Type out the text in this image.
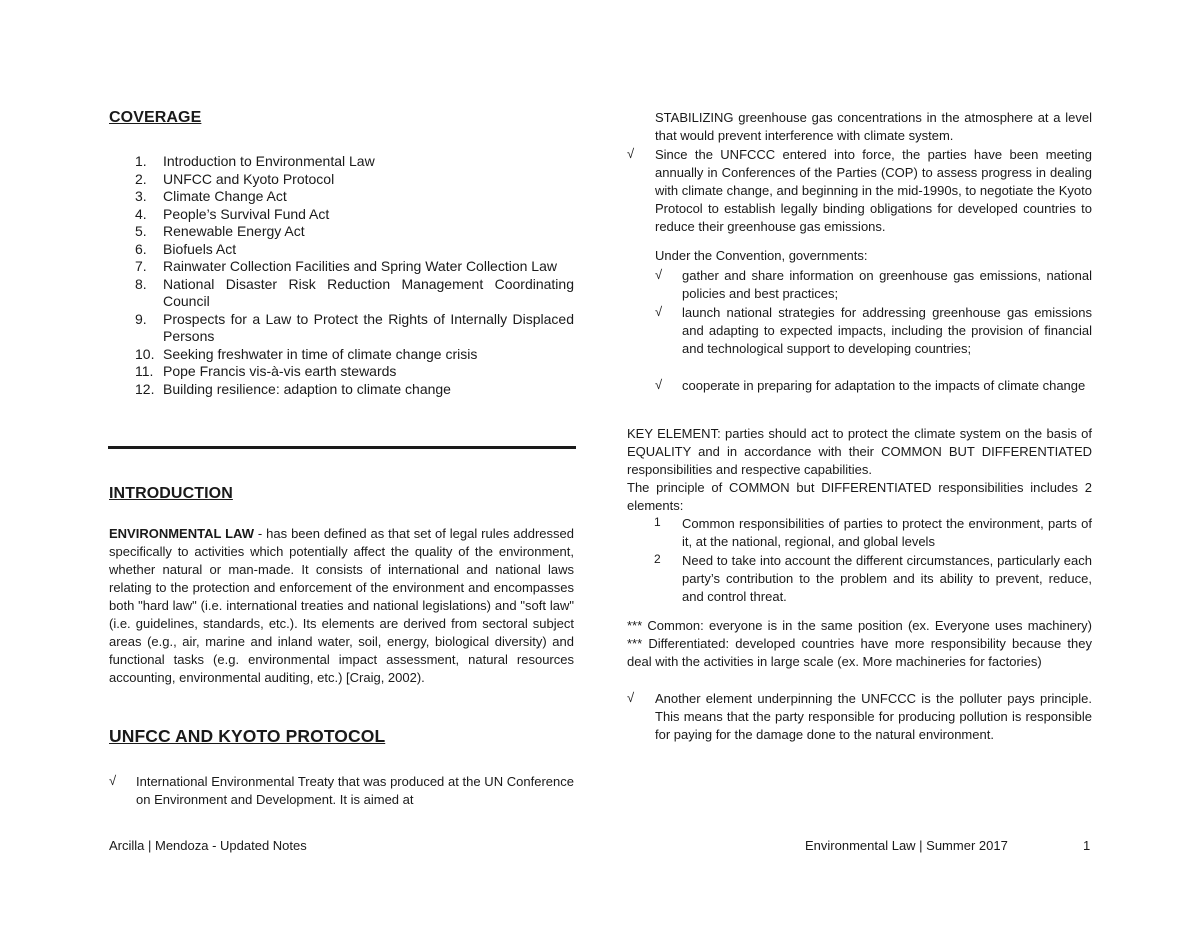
COVERAGE
1.	Introduction to Environmental Law
2.	UNFCC and Kyoto Protocol
3.	Climate Change Act
4.	People’s Survival Fund Act
5.	Renewable Energy Act
6.	Biofuels Act
7.	Rainwater Collection Facilities and Spring Water Collection Law
8.	National Disaster Risk Reduction Management Coordinating Council
9.	Prospects for a Law to Protect the Rights of Internally Displaced Persons
10. Seeking freshwater in time of climate change crisis
11. Pope Francis vis-à-vis earth stewards
12. Building resilience: adaption to climate change
INTRODUCTION
ENVIRONMENTAL LAW - has been defined as that set of legal rules addressed specifically to activities which potentially affect the quality of the environment, whether natural or man-made. It consists of international and national laws relating to the protection and enforcement of the environment and encompasses both "hard law" (i.e. international treaties and national legislations) and "soft law" (i.e. guidelines, standards, etc.). Its elements are derived from sectoral subject areas (e.g., air, marine and inland water, soil, energy, biological diversity) and functional tasks (e.g. environmental impact assessment, natural resources accounting, environmental auditing, etc.) [Craig, 2002).
UNFCC AND KYOTO PROTOCOL
√ International Environmental Treaty that was produced at the UN Conference on Environment and Development. It is aimed at
Arcilla | Mendoza - Updated Notes
STABILIZING greenhouse gas concentrations in the atmosphere at a level that would prevent interference with climate system.
√ Since the UNFCCC entered into force, the parties have been meeting annually in Conferences of the Parties (COP) to assess progress in dealing with climate change, and beginning in the mid-1990s, to negotiate the Kyoto Protocol to establish legally binding obligations for developed countries to reduce their greenhouse gas emissions.
Under the Convention, governments:
√ gather and share information on greenhouse gas emissions, national policies and best practices;
√ launch national strategies for addressing greenhouse gas emissions and adapting to expected impacts, including the provision of financial and technological support to developing countries;
√ cooperate in preparing for adaptation to the impacts of climate change
KEY ELEMENT: parties should act to protect the climate system on the basis of EQUALITY and in accordance with their COMMON BUT DIFFERENTIATED responsibilities and respective capabilities.
The principle of COMMON but DIFFERENTIATED responsibilities includes 2 elements:
1 Common responsibilities of parties to protect the environment, parts of it, at the national, regional, and global levels
2 Need to take into account the different circumstances, particularly each party’s contribution to the problem and its ability to prevent, reduce, and control threat.
*** Common: everyone is in the same position (ex. Everyone uses machinery) *** Differentiated: developed countries have more responsibility because they deal with the activities in large scale (ex. More machineries for factories)
√ Another element underpinning the UNFCCC is the polluter pays principle. This means that the party responsible for producing pollution is responsible for paying for the damage done to the natural environment.
Environmental Law | Summer 2017	1
